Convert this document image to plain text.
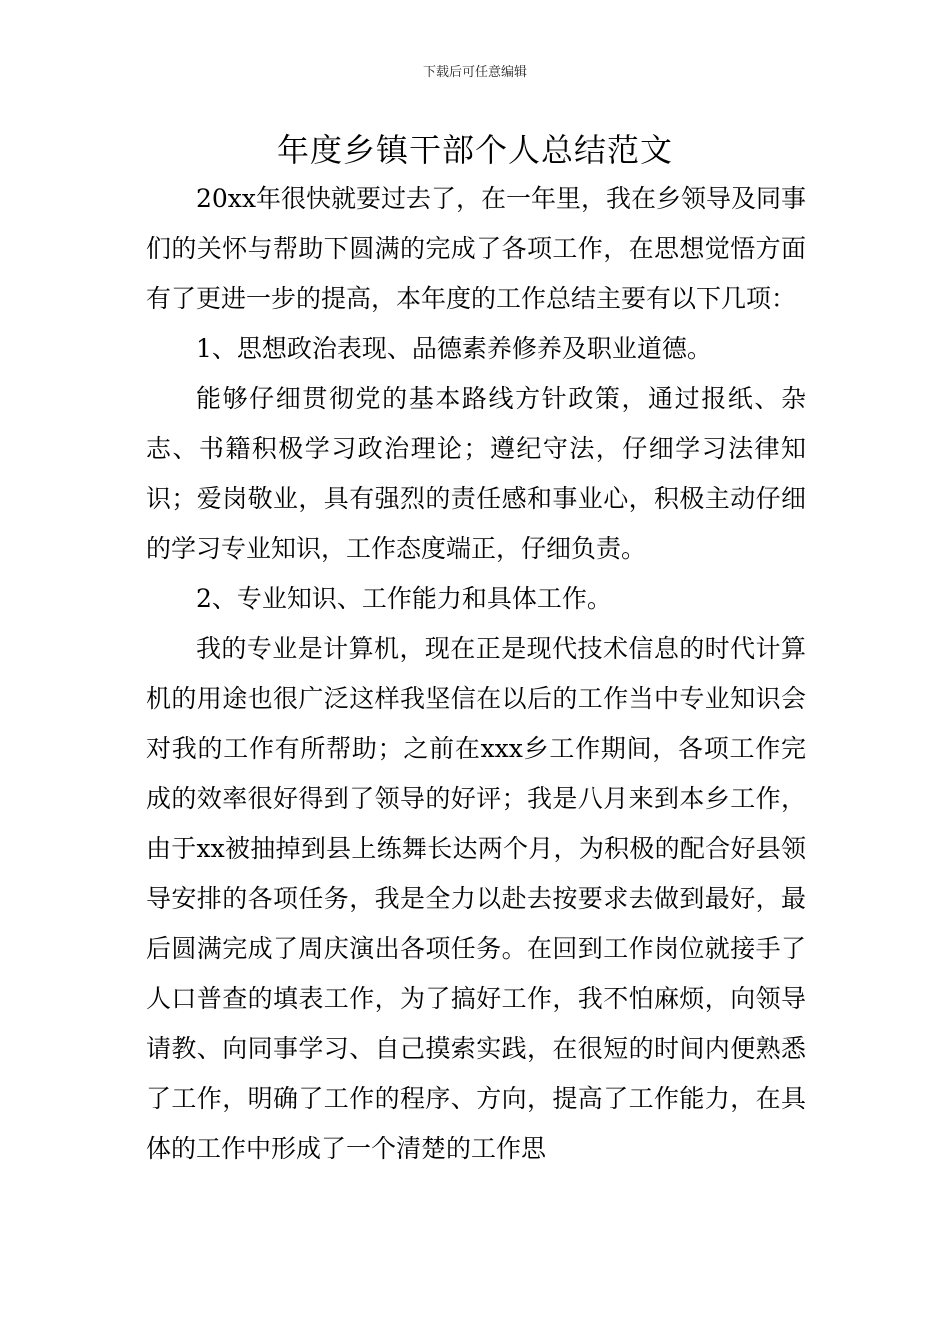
下载后可任意编辑
年度乡镇干部个人总结范文

20xx年很快就要过去了，在一年里，我在乡领导及同事们的关怀与帮助下圆满的完成了各项工作，在思想觉悟方面有了更进一步的提高，本年度的工作总结主要有以下几项：

1、思想政治表现、品德素养修养及职业道德。

能够仔细贯彻党的基本路线方针政策，通过报纸、杂志、书籍积极学习政治理论；遵纪守法，仔细学习法律知识；爱岗敬业，具有强烈的责任感和事业心，积极主动仔细的学习专业知识，工作态度端正，仔细负责。

2、专业知识、工作能力和具体工作。

我的专业是计算机，现在正是现代技术信息的时代计算机的用途也很广泛这样我坚信在以后的工作当中专业知识会对我的工作有所帮助；之前在xxx乡工作期间，各项工作完成的效率很好得到了领导的好评；我是八月来到本乡工作，由于xx被抽掉到县上练舞长达两个月，为积极的配合好县领导安排的各项任务，我是全力以赴去按要求去做到最好，最后圆满完成了周庆演出各项任务。在回到工作岗位就接手了人口普查的填表工作，为了搞好工作，我不怕麻烦，向领导请教、向同事学习、自己摸索实践，在很短的时间内便熟悉了工作，明确了工作的程序、方向，提高了工作能力，在具体的工作中形成了一个清楚的工作思
